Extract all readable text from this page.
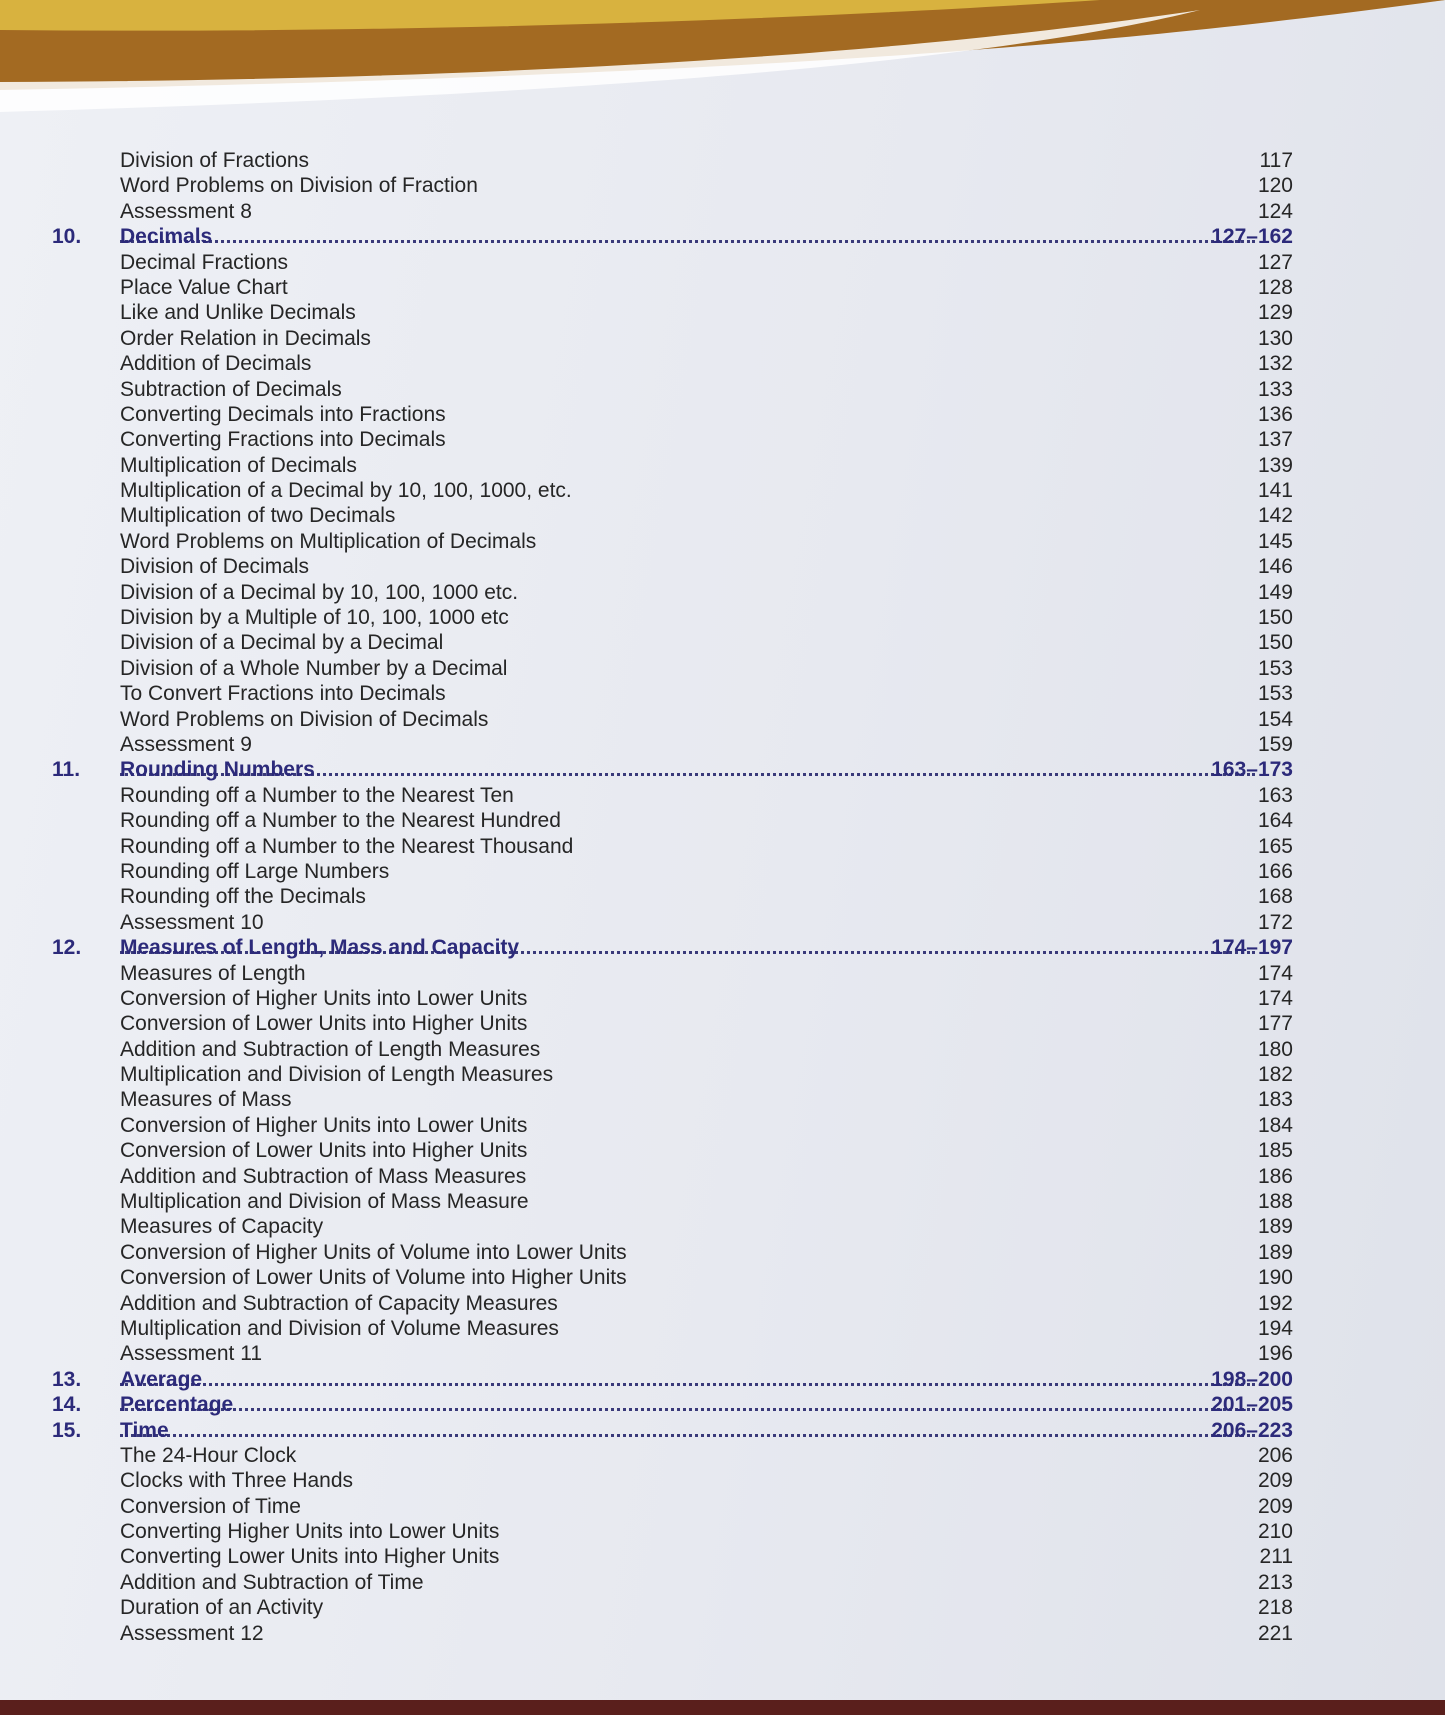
Division of Fractions	117
Word Problems on Division of Fraction	120
Assessment 8	124
10.	Decimals	127–162
Decimal Fractions	127
Place Value Chart	128
Like and Unlike Decimals	129
Order Relation in Decimals	130
Addition of Decimals	132
Subtraction of Decimals	133
Converting Decimals into Fractions	136
Converting Fractions into Decimals	137
Multiplication of Decimals	139
Multiplication of a Decimal by 10, 100, 1000, etc.	141
Multiplication of two Decimals	142
Word Problems on Multiplication of Decimals	145
Division of Decimals	146
Division of a Decimal by 10, 100, 1000 etc.	149
Division by a Multiple of 10, 100, 1000 etc	150
Division of a Decimal by a Decimal	150
Division of a Whole Number by a Decimal	153
To Convert Fractions into Decimals	153
Word Problems on Division of Decimals	154
Assessment 9	159
11.	Rounding Numbers	163–173
Rounding off a Number to the Nearest Ten	163
Rounding off a Number to the Nearest Hundred	164
Rounding off a Number to the Nearest Thousand	165
Rounding off Large Numbers	166
Rounding off the Decimals	168
Assessment 10	172
12.	Measures of Length, Mass and Capacity	174–197
Measures of Length	174
Conversion of Higher Units into Lower Units	174
Conversion of Lower Units into Higher Units	177
Addition and Subtraction of Length Measures	180
Multiplication and Division of Length Measures	182
Measures of Mass	183
Conversion of Higher Units into Lower Units	184
Conversion of Lower Units into Higher Units	185
Addition and Subtraction of Mass Measures	186
Multiplication and Division of Mass Measure	188
Measures of Capacity	189
Conversion of Higher Units of Volume into Lower Units	189
Conversion of Lower Units of Volume into Higher Units	190
Addition and Subtraction of Capacity Measures	192
Multiplication and Division of Volume Measures	194
Assessment 11	196
13.	Average	198–200
14.	Percentage	201–205
15.	Time	206–223
The 24-Hour Clock	206
Clocks with Three Hands	209
Conversion of Time	209
Converting Higher Units into Lower Units	210
Converting Lower Units into Higher Units	211
Addition and Subtraction of Time	213
Duration of an Activity	218
Assessment 12	221
